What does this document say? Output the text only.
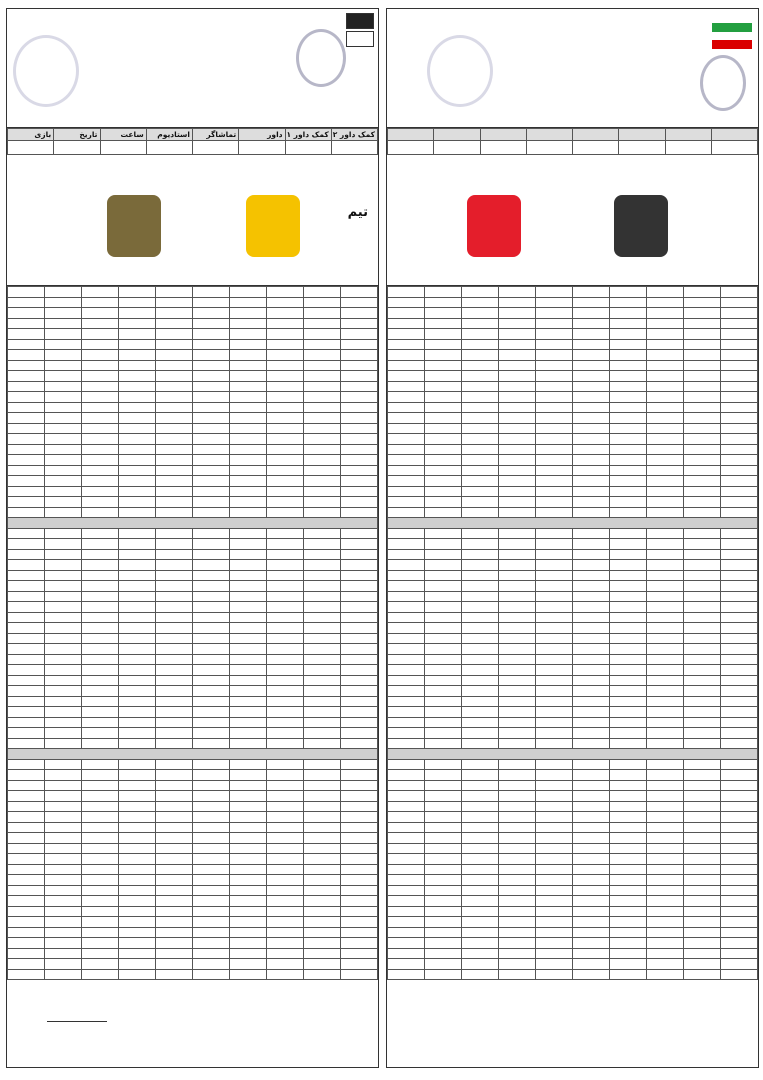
بازی	تاریخ	ساعت	استادیوم	تماشاگر	داور	کمک داور ۱	کمک داور ۲

تیم
